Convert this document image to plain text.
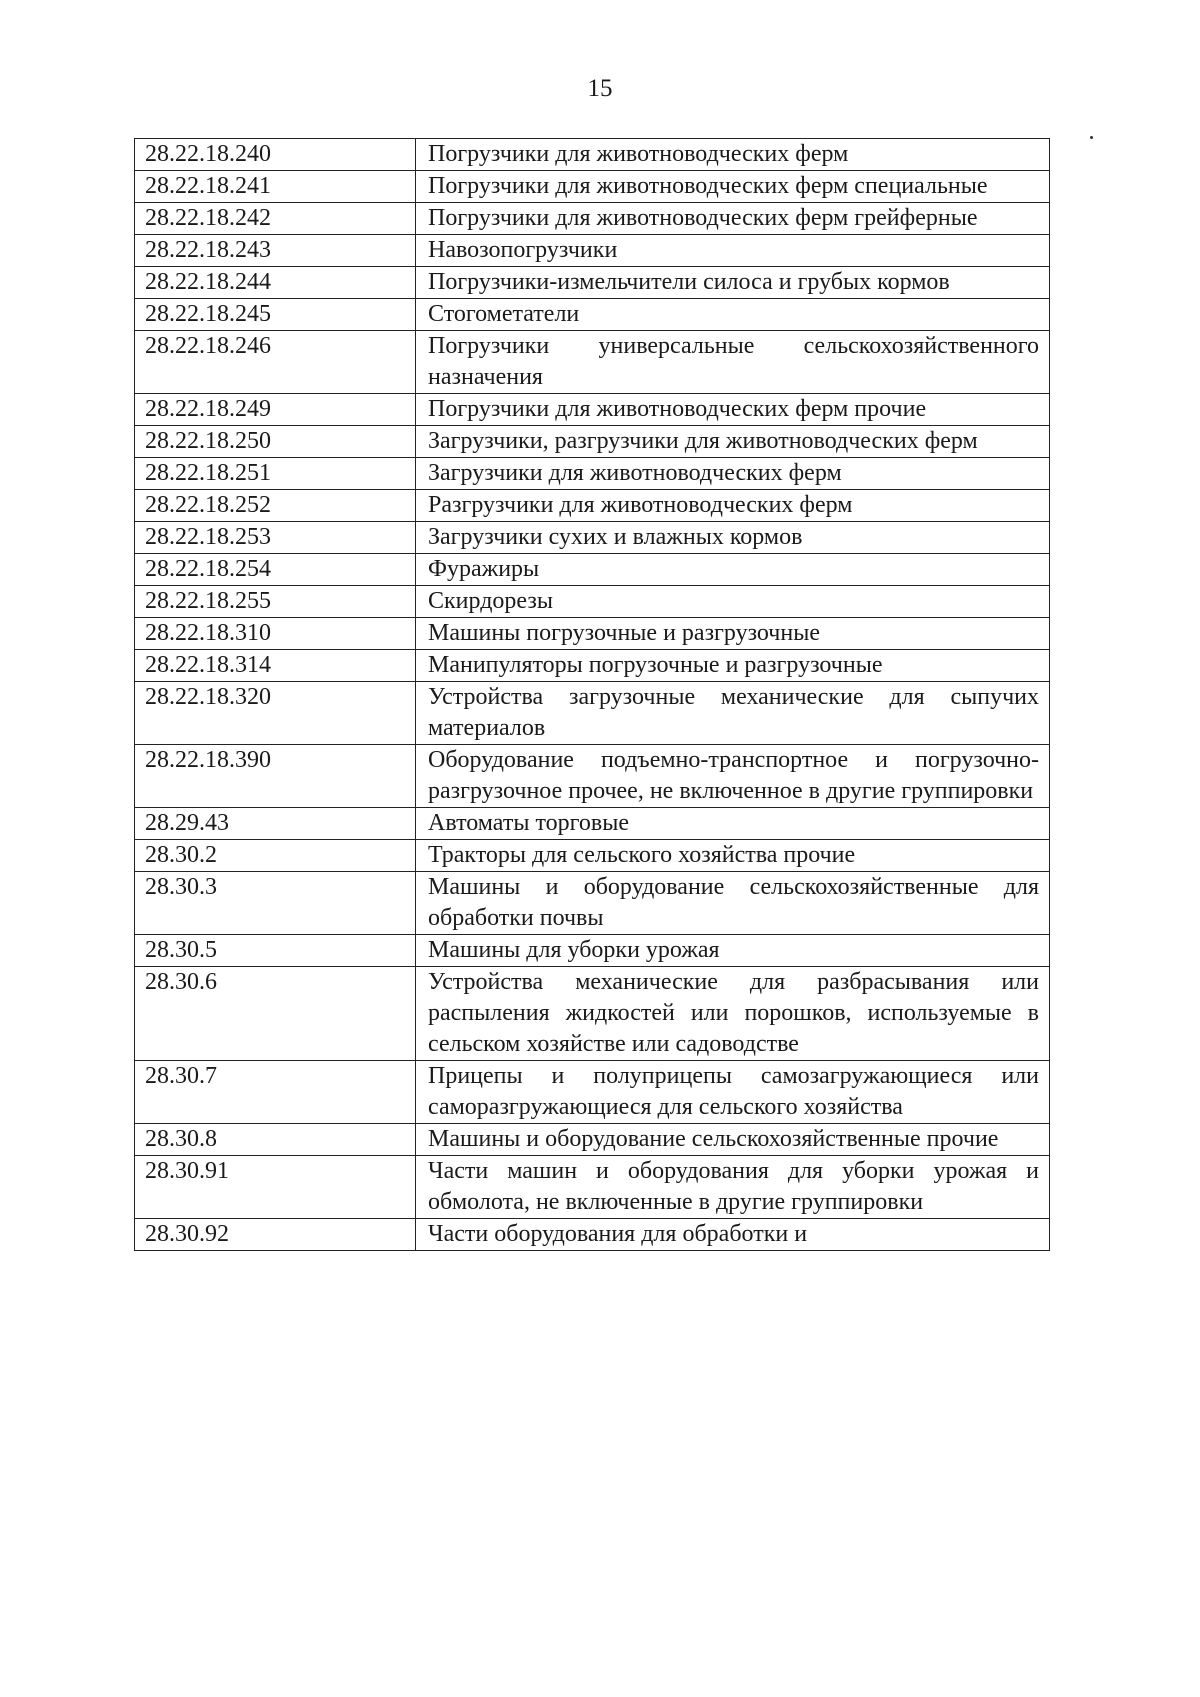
15
28.22.18.240	Погрузчики для животноводческих ферм
28.22.18.241	Погрузчики для животноводческих ферм специальные
28.22.18.242	Погрузчики для животноводческих ферм грейферные
28.22.18.243	Навозопогрузчики
28.22.18.244	Погрузчики-измельчители силоса и грубых кормов
28.22.18.245	Стогометатели
28.22.18.246	Погрузчики универсальные сельскохозяйственного назначения
28.22.18.249	Погрузчики для животноводческих ферм прочие
28.22.18.250	Загрузчики, разгрузчики для животноводческих ферм
28.22.18.251	Загрузчики для животноводческих ферм
28.22.18.252	Разгрузчики для животноводческих ферм
28.22.18.253	Загрузчики сухих и влажных кормов
28.22.18.254	Фуражиры
28.22.18.255	Скирдорезы
28.22.18.310	Машины погрузочные и разгрузочные
28.22.18.314	Манипуляторы погрузочные и разгрузочные
28.22.18.320	Устройства загрузочные механические для сыпучих материалов
28.22.18.390	Оборудование подъемно-транспортное и погрузочно-разгрузочное прочее, не включенное в другие группировки
28.29.43	Автоматы торговые
28.30.2	Тракторы для сельского хозяйства прочие
28.30.3	Машины и оборудование сельскохозяйственные для обработки почвы
28.30.5	Машины для уборки урожая
28.30.6	Устройства механические для разбрасывания или распыления жидкостей или порошков, используемые в сельском хозяйстве или садоводстве
28.30.7	Прицепы и полуприцепы самозагружающиеся или саморазгружающиеся для сельского хозяйства
28.30.8	Машины и оборудование сельскохозяйственные прочие
28.30.91	Части машин и оборудования для уборки урожая и обмолота, не включенные в другие группировки
28.30.92	Части оборудования для обработки и
